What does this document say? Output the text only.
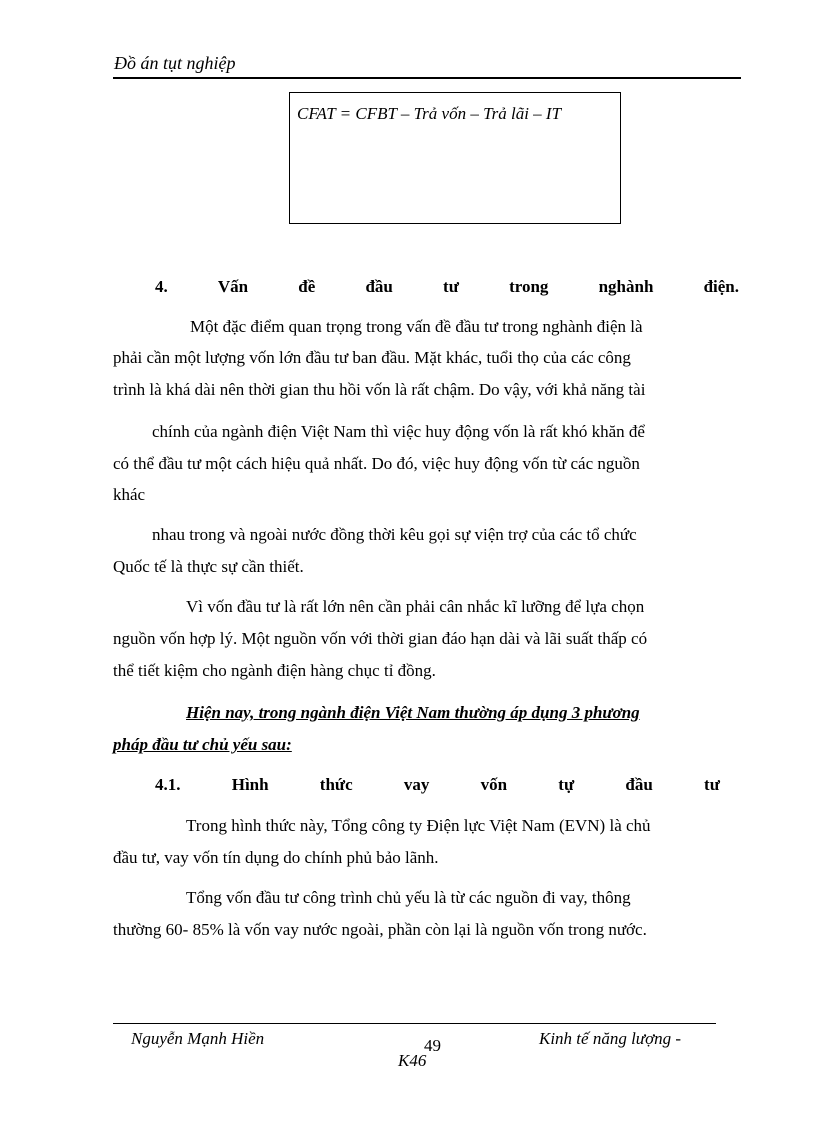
Đồ án tụt nghiệp
CFAT = CFBT – Trả vốn – Trả lãi – IT
4.	Vấn	đề	đầu	tư	trong	nghành	điện.
Một đặc điểm quan trọng trong vấn đề đầu tư trong nghành điện là
phải cần một lượng vốn lớn đầu tư ban đầu. Mặt khác, tuổi thọ của các công
trình là khá dài nên thời gian thu hồi vốn là rất chậm. Do vậy, với khả năng tài
chính của ngành điện Việt Nam thì việc huy động vốn là rất khó khăn để
có thể đầu tư một cách hiệu quả nhất. Do đó, việc huy động vốn từ các nguồn
khác
nhau trong và ngoài nước đồng thời kêu gọi sự viện trợ của các tổ chức
Quốc tế là thực sự cần thiết.
Vì vốn đầu tư là rất lớn nên cần phải cân nhắc kĩ lưỡng để lựa chọn
nguồn vốn hợp lý. Một nguồn vốn với thời gian đáo hạn dài và lãi suất thấp có
thể tiết kiệm cho ngành điện hàng chục tỉ đồng.
Hiện nay, trong ngành điện Việt Nam thường áp dụng 3 phương
pháp đầu tư chủ yếu sau:
4.1.	Hình	thức	vay	vốn	tự	đầu	tư
Trong hình thức này, Tổng công ty Điện lực Việt Nam (EVN) là chủ
đầu tư, vay vốn tín dụng do chính phủ bảo lãnh.
Tổng vốn đầu tư công trình chủ yếu là từ các nguồn đi vay, thông
thường 60- 85% là vốn vay nước ngoài, phần còn lại là nguồn vốn trong nước.
Nguyễn Mạnh Hiền	49	Kinh tế năng lượng -
K46
